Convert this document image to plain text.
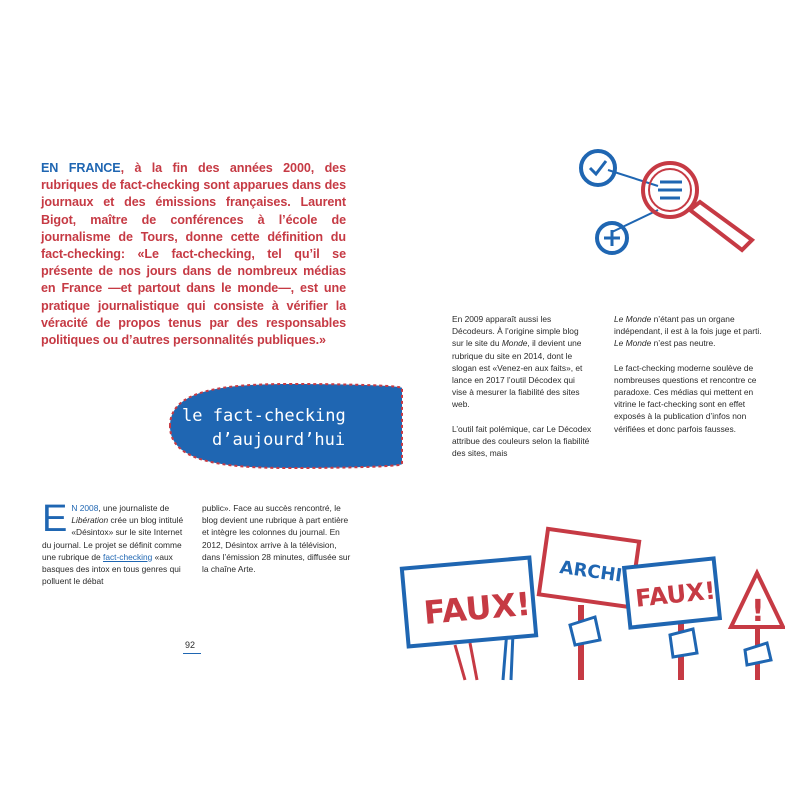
EN FRANCE, à la fin des années 2000, des rubriques de fact-checking sont apparues dans des journaux et des émissions françaises. Laurent Bigot, maître de conférences à l’école de journalisme de Tours, donne cette définition du fact-checking: «Le fact-checking, tel qu’il se présente de nos jours dans de nombreux médias en France —et partout dans le monde—, est une pratique journalistique qui consiste à vérifier la véracité de propos tenus par des responsables politiques ou d’autres personnalités publiques.»

En 2009 apparaît aussi les Décodeurs. À l’origine simple blog sur le site du Monde, il devient une rubrique du site en 2014, dont le slogan est «Venez-en aux faits», et lance en 2017 l’outil Décodex qui vise à mesurer la fiabilité des sites web.

L’outil fait polémique, car Le Décodex attribue des couleurs selon la fiabilité des sites, mais

Le Monde n’étant pas un organe indépendant, il est à la fois juge et parti. Le Monde n’est pas neutre.

Le fact-checking moderne soulève de nombreuses questions et rencontre ce paradoxe. Ces médias qui mettent en vitrine le fact-checking sont en effet exposés à la publication d’infos non vérifiées et donc parfois fausses.

le fact-checking
d’aujourd’hui
E N 2008, une journaliste de Libération crée un blog intitulé «Désintox» sur le site Internet du journal. Le projet se définit comme une rubrique de fact-checking «aux basques des intox en tous genres qui polluent le débat

public». Face au succès rencontré, le blog devient une rubrique à part entière et intègre les colonnes du journal. En 2012, Désintox arrive à la télévision, dans l’émission 28 minutes, diffusée sur la chaîne Arte.

92
FAUX!
ARCHI
FAUX! !
